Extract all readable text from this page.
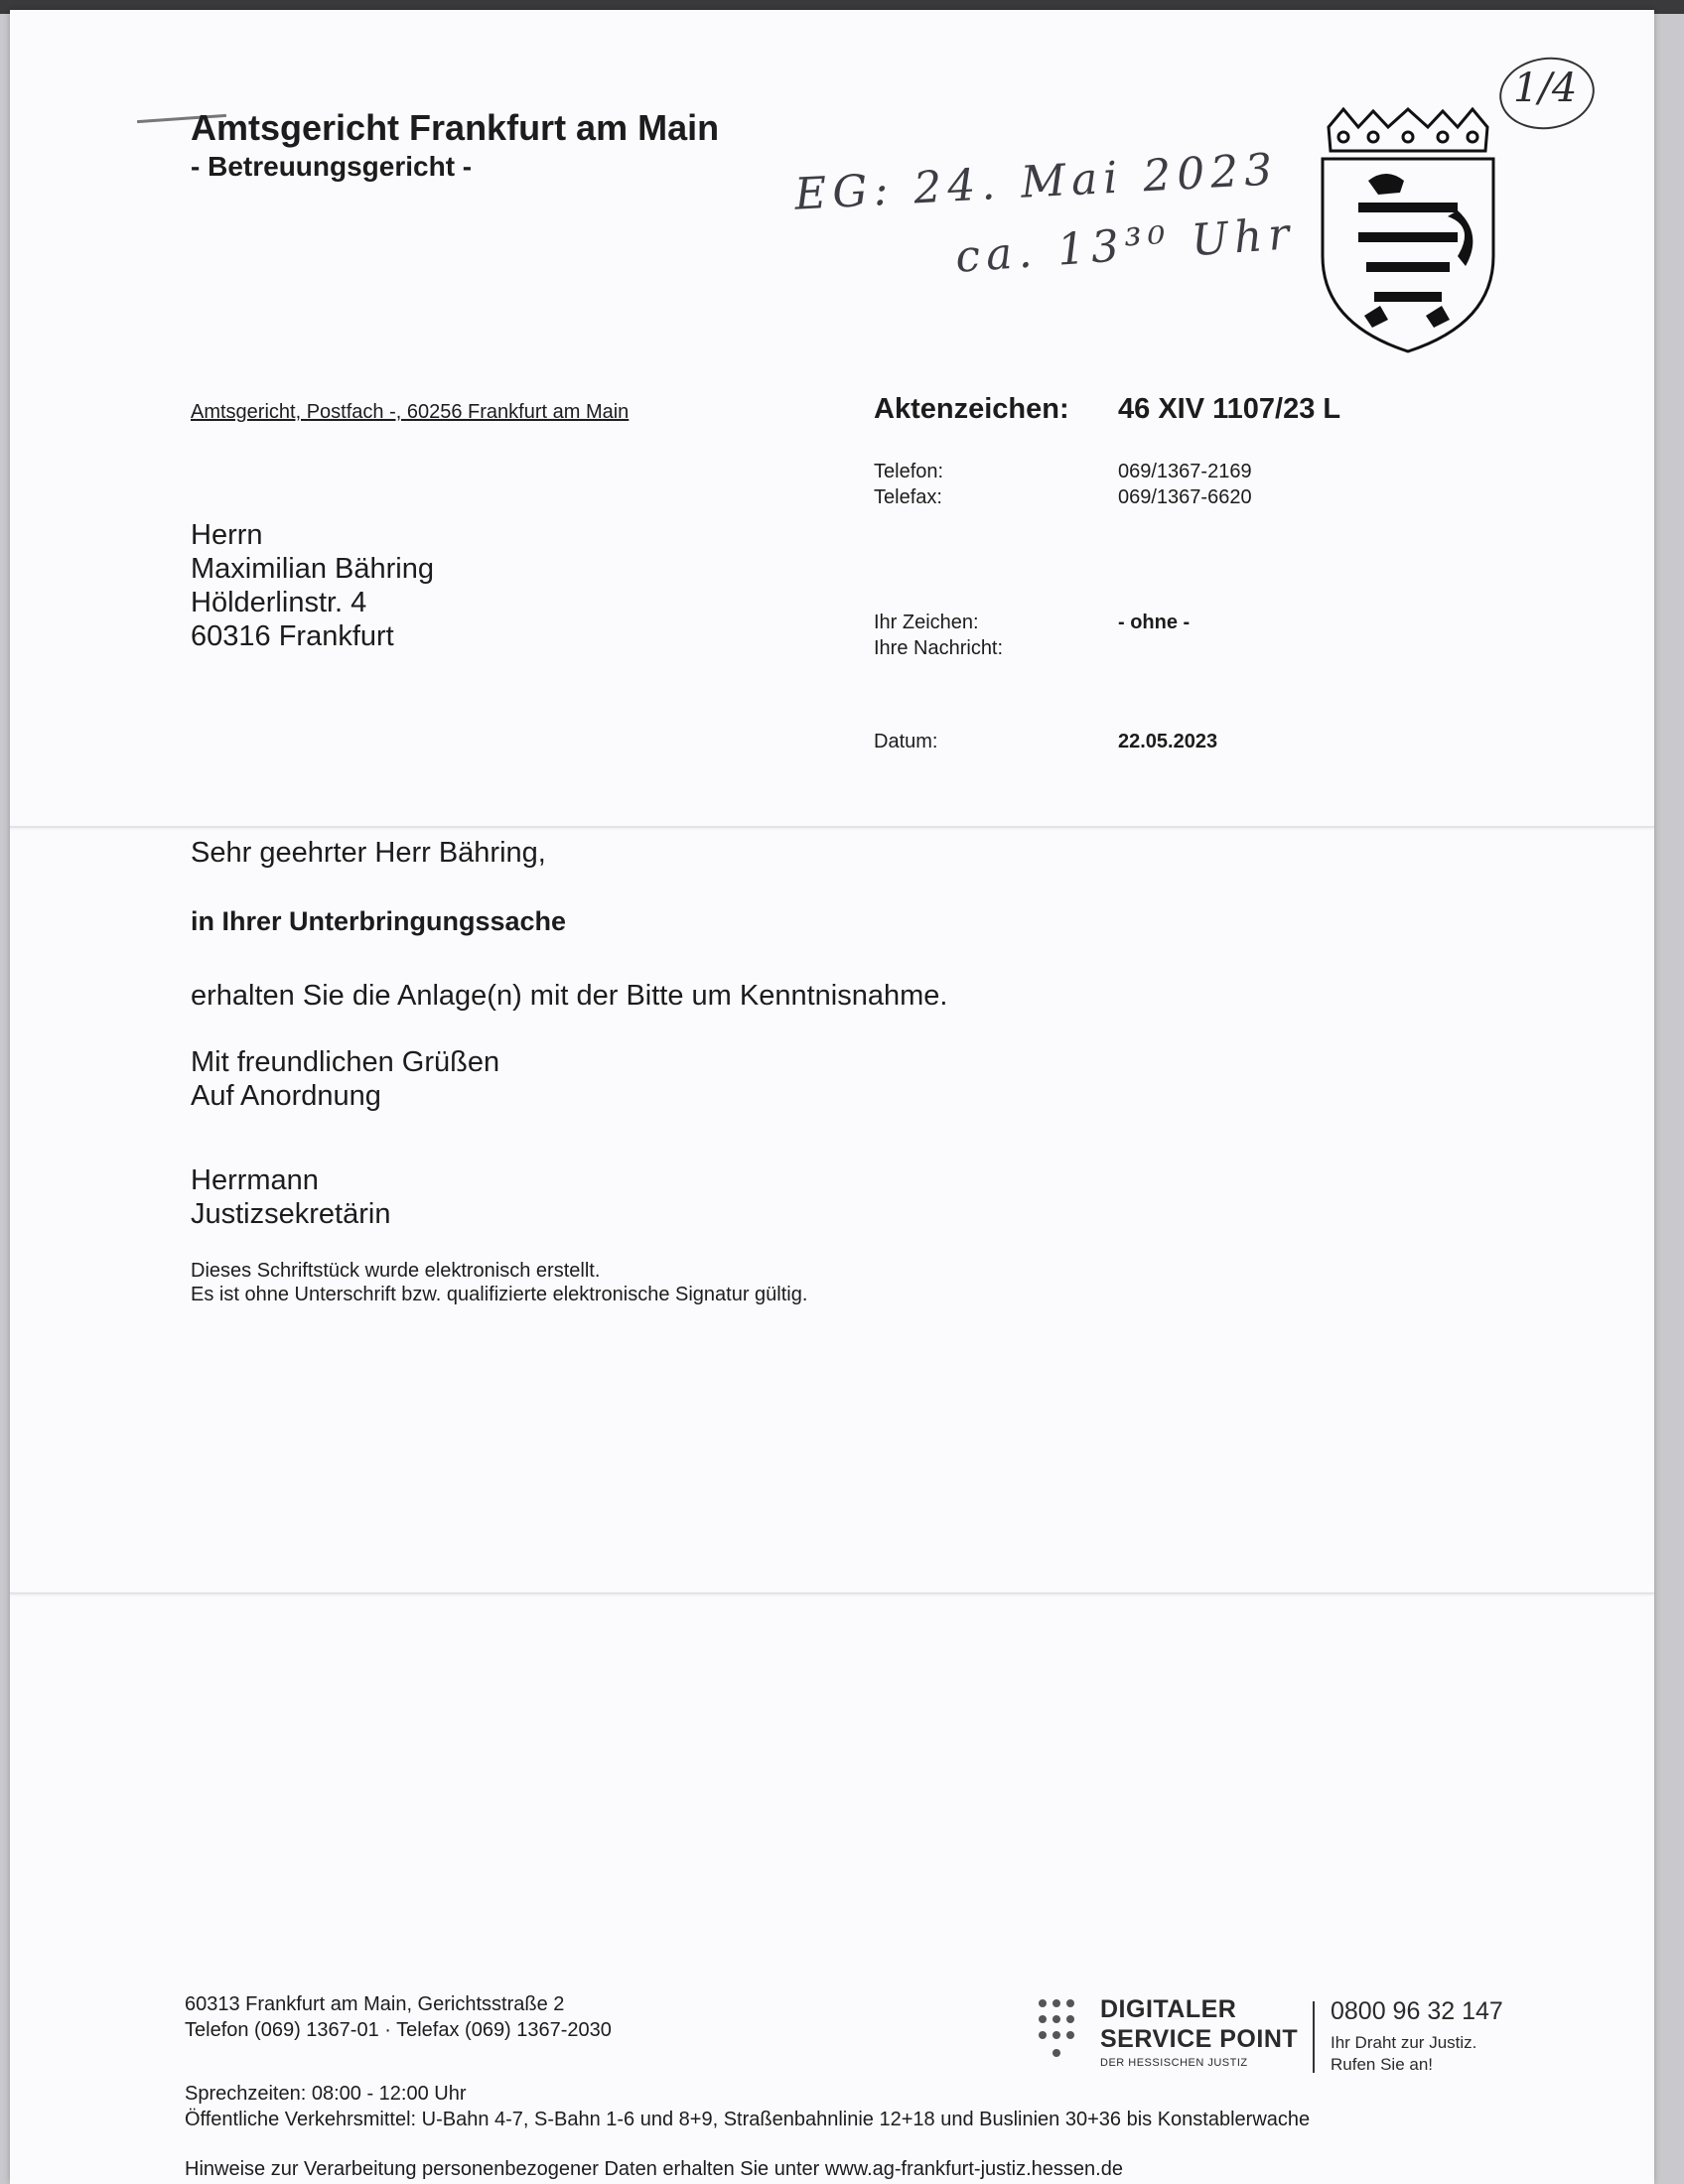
Amtsgericht Frankfurt am Main
- Betreuungsgericht -	EG: 24. Mai 2023
ca. 13³⁰ Uhr
1/4
Amtsgericht, Postfach -, 60256 Frankfurt am Main	Aktenzeichen: 46 XIV 1107/23 L
Telefon:	069/1367-2169
Telefax:	069/1367-6620
Ihr Zeichen:	- ohne -
Ihre Nachricht:
Datum:	22.05.2023
Herrn
Maximilian Bähring
Hölderlinstr. 4
60316 Frankfurt
Sehr geehrter Herr Bähring,
in Ihrer Unterbringungssache
erhalten Sie die Anlage(n) mit der Bitte um Kenntnisnahme.
Mit freundlichen Grüßen
Auf Anordnung
Herrmann
Justizsekretärin
Dieses Schriftstück wurde elektronisch erstellt.
Es ist ohne Unterschrift bzw. qualifizierte elektronische Signatur gültig.
60313 Frankfurt am Main, Gerichtsstraße 2
Telefon (069) 1367-01 · Telefax (069) 1367-2030
Sprechzeiten: 08:00 - 12:00 Uhr
Öffentliche Verkehrsmittel: U-Bahn 4-7, S-Bahn 1-6 und 8+9, Straßenbahnlinie 12+18 und Buslinien 30+36 bis Konstablerwache
Hinweise zur Verarbeitung personenbezogener Daten erhalten Sie unter www.ag-frankfurt-justiz.hessen.de
DIGITALER
SERVICE POINT
DER HESSISCHEN JUSTIZ
0800 96 32 147
Ihr Draht zur Justiz.
Rufen Sie an!
